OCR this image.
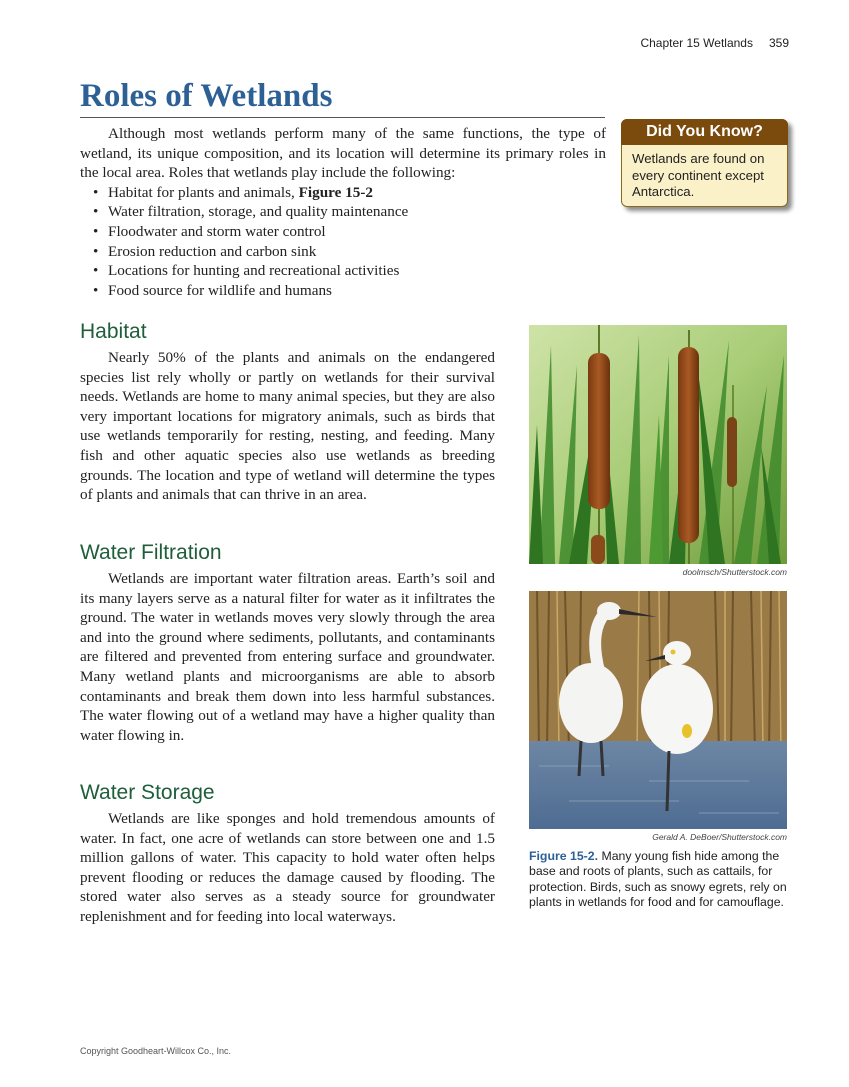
Chapter 15 Wetlands 359
Roles of Wetlands

Although most wetlands perform many of the same functions, the type of wetland, its unique composition, and its location will determine its primary roles in the local area. Roles that wetlands play include the following:

• Habitat for plants and animals, Figure 15-2
• Water filtration, storage, and quality maintenance
• Floodwater and storm water control
• Erosion reduction and carbon sink
• Locations for hunting and recreational activities
• Food source for wildlife and humans
Did You Know?
Wetlands are found on every continent except Antarctica.
Habitat

Nearly 50% of the plants and animals on the endangered species list rely wholly or partly on wetlands for their survival needs. Wetlands are home to many animal species, but they are also very important locations for migratory animals, such as birds that use wetlands temporarily for resting, nesting, and feeding. Many fish and other aquatic species also use wetlands as breeding grounds. The location and type of wetland will determine the types of plants and animals that can thrive in an area.

Water Filtration

Wetlands are important water filtration areas. Earth’s soil and its many layers serve as a natural filter for water as it infiltrates the ground. The water in wetlands moves very slowly through the area and into the ground where sediments, pollutants, and contaminants are filtered and prevented from entering surface and groundwater. Many wetland plants and microorganisms are able to absorb contaminants and break them down into less harmful substances. The water flowing out of a wetland may have a higher quality than water flowing in.

Water Storage

Wetlands are like sponges and hold tremendous amounts of water. In fact, one acre of wetlands can store between one and 1.5 million gallons of water. This capacity to hold water often helps prevent flooding or reduces the damage caused by flooding. The stored water also serves as a steady source for groundwater replenishment and for feeding into local waterways.

doolmsch/Shutterstock.com
Gerald A. DeBoer/Shutterstock.com
Figure 15-2. Many young fish hide among the base and roots of plants, such as cattails, for protection. Birds, such as snowy egrets, rely on plants in wetlands for food and for camouflage.
Copyright Goodheart-Willcox Co., Inc.
